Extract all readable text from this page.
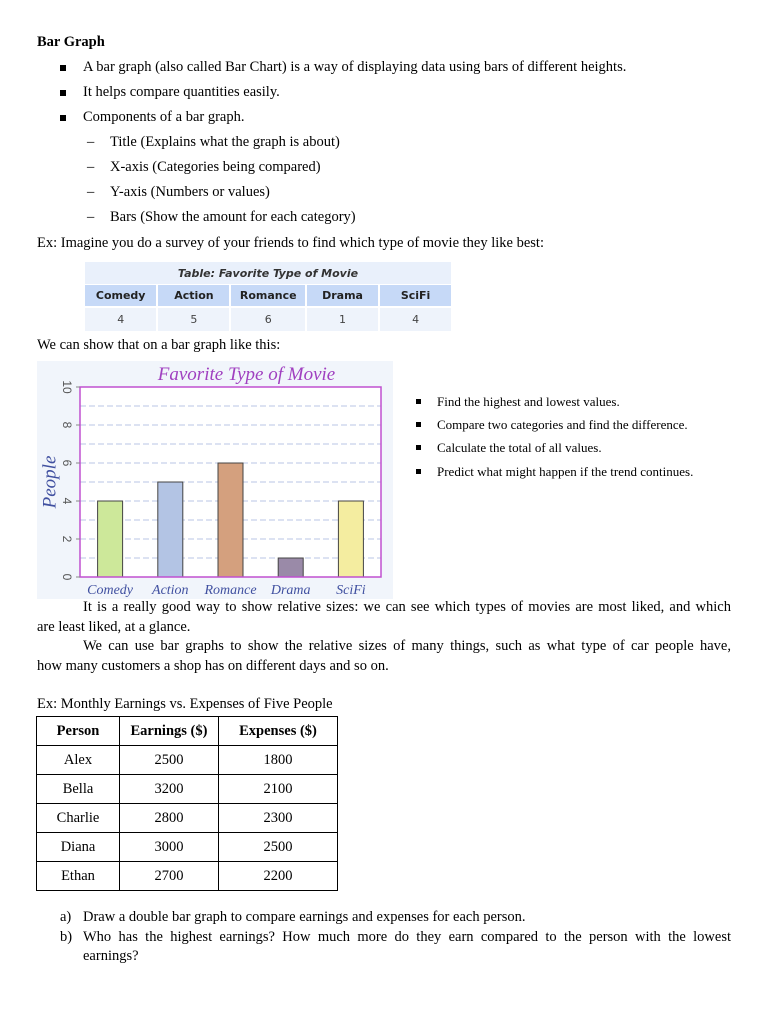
Bar Graph
A bar graph (also called Bar Chart) is a way of displaying data using bars of different heights.
It helps compare quantities easily.
Components of a bar graph.
– Title (Explains what the graph is about)
– X-axis (Categories being compared)
– Y-axis (Numbers or values)
– Bars (Show the amount for each category)
Ex: Imagine you do a survey of your friends to find which type of movie they like best:
Table: Favorite Type of Movie				
Comedy	Action	Romance	Drama	SciFi
4	5	6	1	4
We can show that on a bar graph like this:
Comedy Action Romance Drama SciFi
0
2
4
6
8
10
People
Favorite Type of Movie
Find the highest and lowest values.
Compare two categories and find the difference.
Calculate the total of all values.
Predict what might happen if the trend continues.
It is a really good way to show relative sizes: we can see which types of movies are most liked, and which
are least liked, at a glance.
We can use bar graphs to show the relative sizes of many things, such as what type of car people have,
how many customers a shop has on different days and so on.
Ex: Monthly Earnings vs. Expenses of Five People
Person	Earnings ($)	Expenses ($)
Alex	2500	1800
Bella	3200	2100
Charlie	2800	2300
Diana	3000	2500
Ethan	2700	2200
a) Draw a double bar graph to compare earnings and expenses for each person.
b) Who has the highest earnings? How much more do they earn compared to the person with the lowest
earnings?
